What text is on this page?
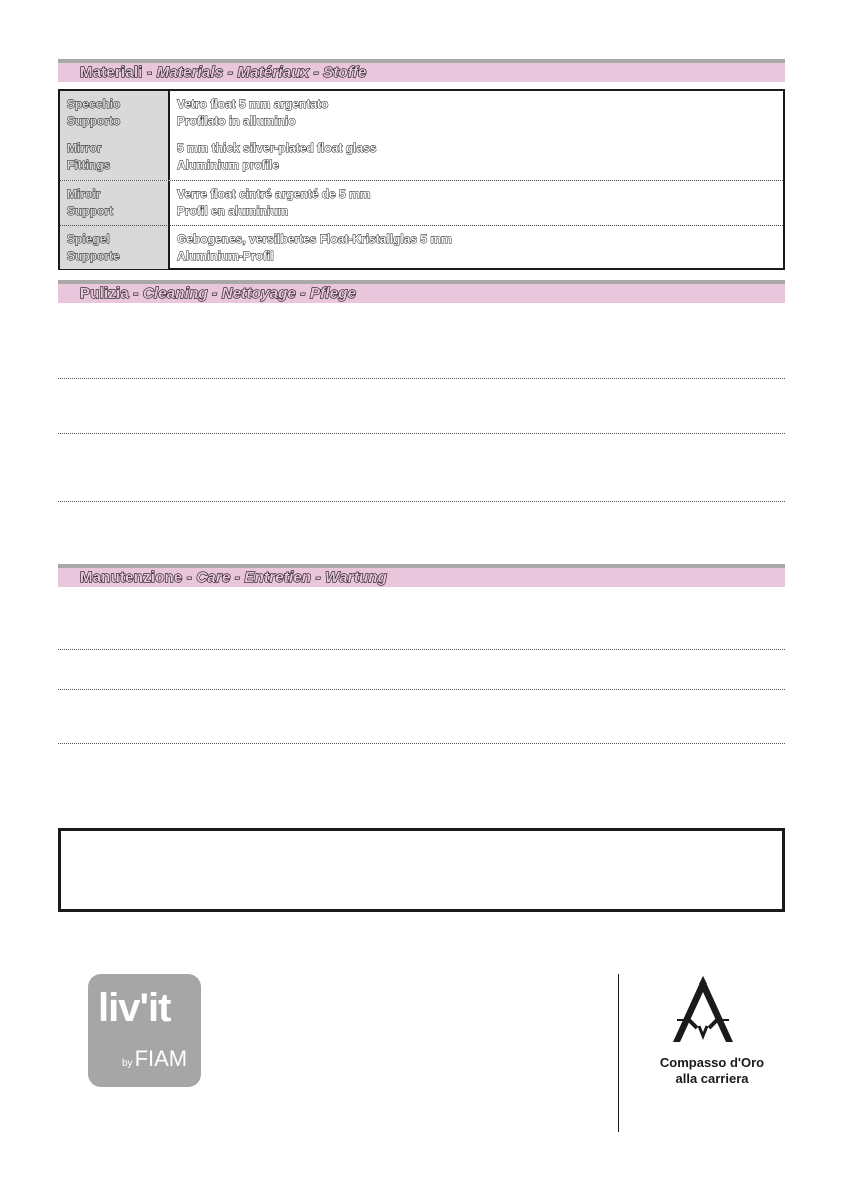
Materiali - Materials - Matériaux - Stoffe
Specchio
Supporto
Vetro float 5 mm argentato
Profilato in alluminio
Mirror
Fittings
5 mm thick silver-plated float glass
Aluminium profile
Miroir
Support
Verre float cintré argenté de 5 mm
Profil en aluminium
Spiegel
Supporte
Gebogenes, versilbertes Float-Kristallglas 5 mm
Aluminium-Profil
Pulizia - Cleaning - Nettoyage - Pflege
Manutenzione - Care - Entretien - Wartung
liv'it
byFIAM	Compasso d'Oro
alla carriera
